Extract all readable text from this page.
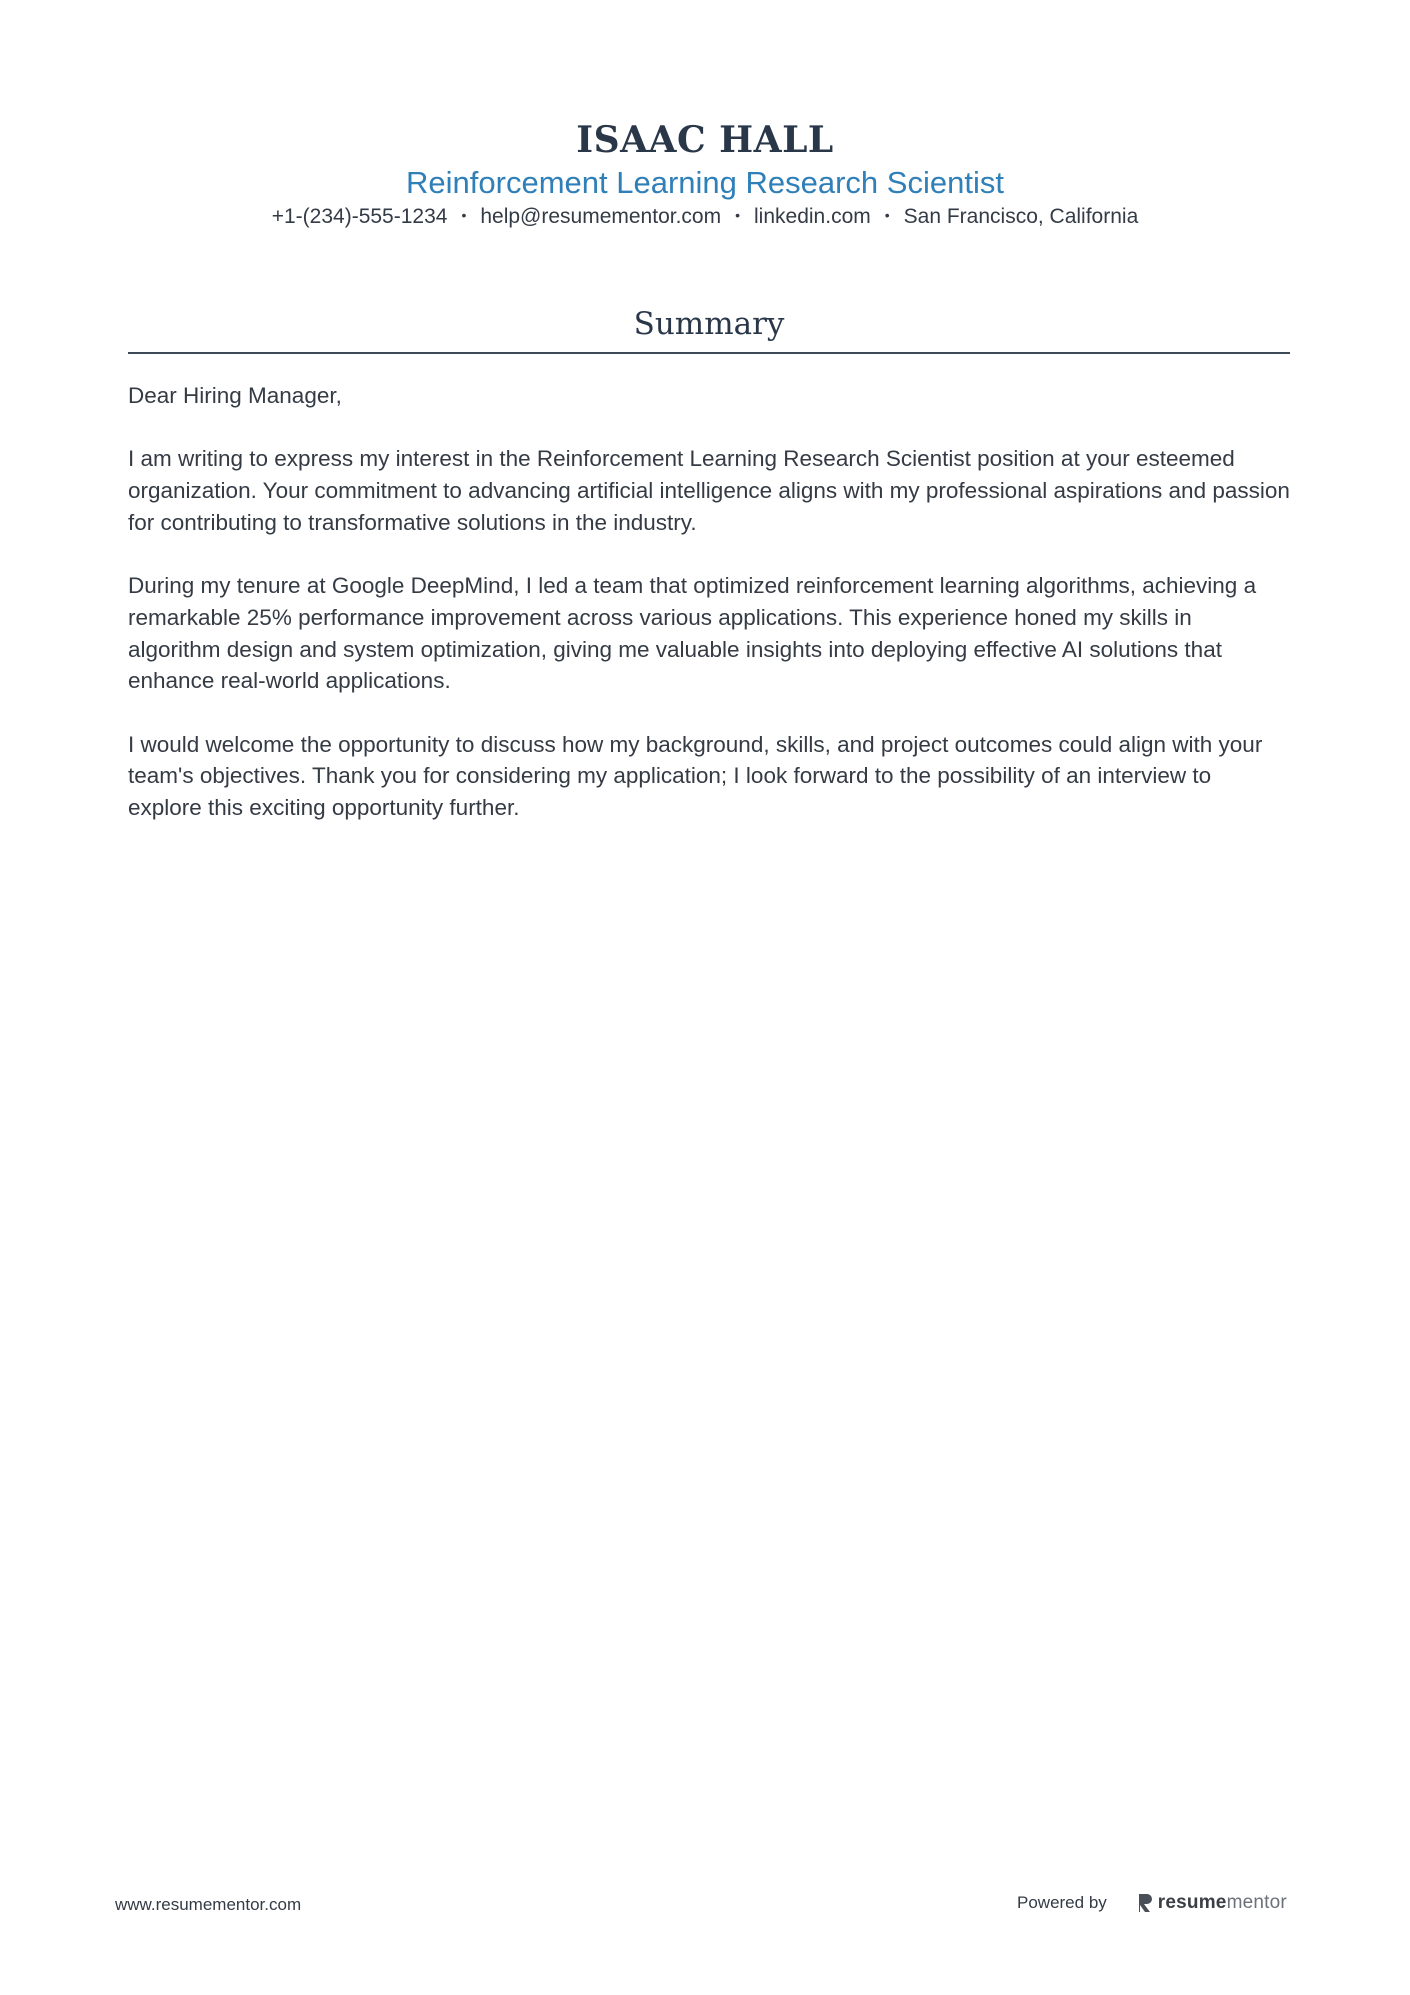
ISAAC HALL
Reinforcement Learning Research Scientist
+1-(234)-555-1234 • help@resumementor.com • linkedin.com • San Francisco, California
Summary

Dear Hiring Manager,

I am writing to express my interest in the Reinforcement Learning Research Scientist position at your esteemed organization. Your commitment to advancing artificial intelligence aligns with my professional aspirations and passion for contributing to transformative solutions in the industry.

During my tenure at Google DeepMind, I led a team that optimized reinforcement learning algorithms, achieving a remarkable 25% performance improvement across various applications. This experience honed my skills in algorithm design and system optimization, giving me valuable insights into deploying effective AI solutions that enhance real-world applications.

I would welcome the opportunity to discuss how my background, skills, and project outcomes could align with your team's objectives. Thank you for considering my application; I look forward to the possibility of an interview to explore this exciting opportunity further.

www.resumementor.com	Powered by	resumementor
